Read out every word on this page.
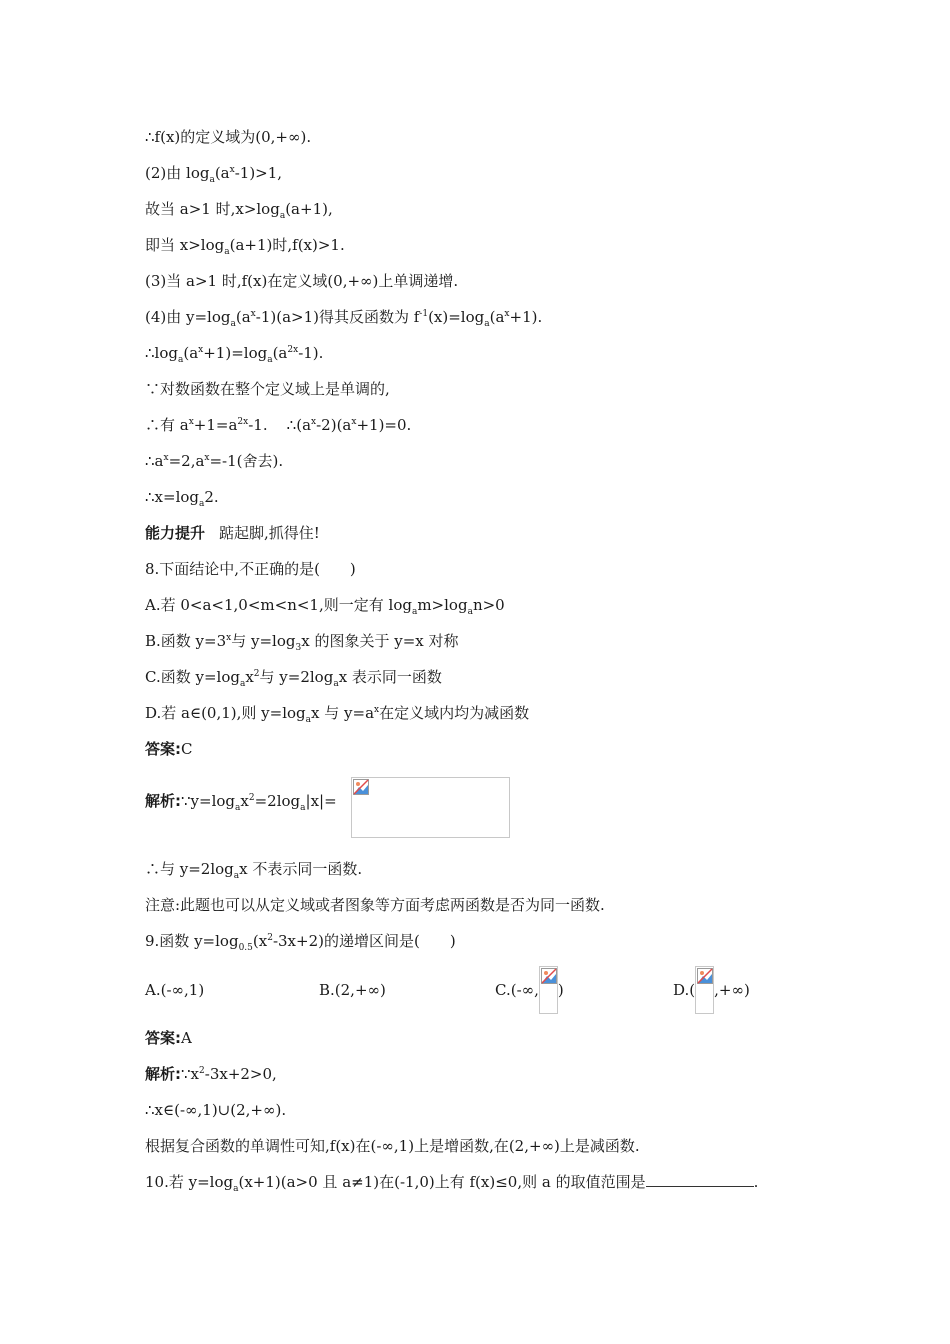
∴f(x)的定义域为(0,+∞).
(2)由 $\log_a(a^x-1)>1$,
故当 a>1 时$,x>\log_a(a+1)$,
即当 $x>\log_a(a+1)$时,f(x)>1.
(3)当 a>1 时,f(x)在定义域(0,+∞)上单调递增.
(4)由 $y=\log_a(a^x-1)(a>1)$得其反函数为 $f^{-1}(x)=\log_a(a^x+1)$.
$\therefore\log_a(a^x+1)=\log_a(a^{2x}-1)$.
∵对数函数在整个定义域上是单调的,
∴有 $a^x+1=a^{2x}-1$.    $\therefore(a^x-2)(a^x+1)=0$.
$\therefore a^x=2,a^x=-1$(舍去).
$\therefore x=\log_a2$.
能力提升 踮起脚,抓得住!
8.下面结论中,不正确的是(　　)
A.若 0<a<1,0<m<n<1,则一定有 $\log_am>\log_an>0$
B.函数 $y=3^x$与 $y=\log_3x$ 的图象关于 y=x 对称
C.函数 $y=\log_ax^2$与 $y=2\log_ax$ 表示同一函数
D.若 a∈(0,1),则 $y=\log_ax$ 与 $y=a^x$在定义域内均为减函数
答案:C
解析$:\because y=\log_ax^2=2\log_a|x|=$
∴与 $y=2\log_ax$ 不表示同一函数.
注意:此题也可以从定义域或者图象等方面考虑两函数是否为同一函数.
9.函数 $y=\log_{0.5}(x^2-3x+2)$的递增区间是(　　)
A.(-∞,1)	B.(2,+∞)	C.(-∞, )	D.( ,+∞)
答案:A
解析$:\because x^2-3x+2>0$,
∴x∈(-∞,1)∪(2,+∞).
根据复合函数的单调性可知,f(x)在(-∞,1)上是增函数,在(2,+∞)上是减函数.
10.若 $y=\log_a(x+1)(a>0$ 且 a≠1)在(-1,0)上有 f(x)≤0,则 a 的取值范围是	.
